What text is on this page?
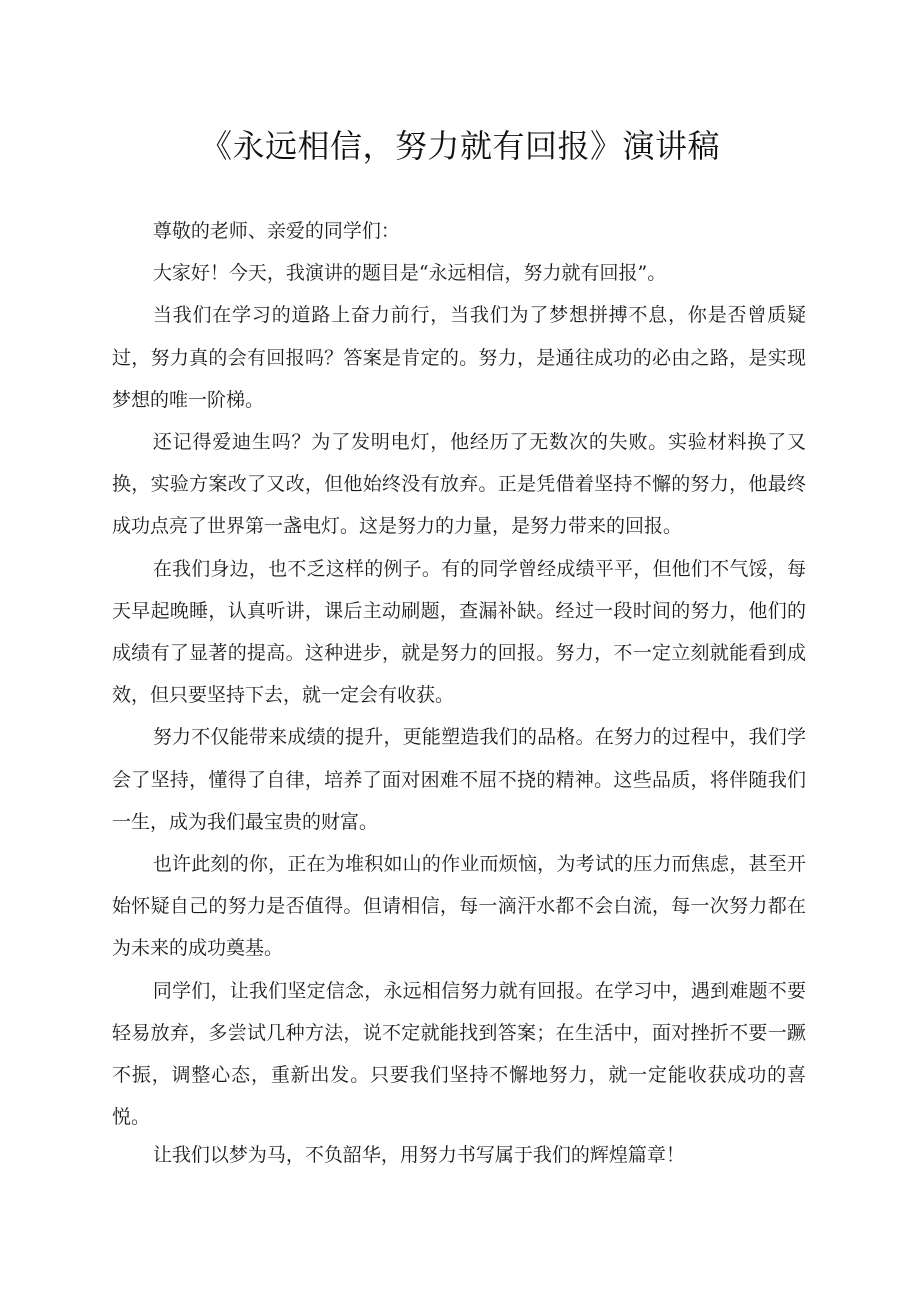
《永远相信，努力就有回报》演讲稿

尊敬的老师、亲爱的同学们：

大家好！今天，我演讲的题目是“永远相信，努力就有回报”。

当我们在学习的道路上奋力前行，当我们为了梦想拼搏不息，你是否曾质疑过，努力真的会有回报吗？答案是肯定的。努力，是通往成功的必由之路，是实现梦想的唯一阶梯。

还记得爱迪生吗？为了发明电灯，他经历了无数次的失败。实验材料换了又换，实验方案改了又改，但他始终没有放弃。正是凭借着坚持不懈的努力，他最终成功点亮了世界第一盏电灯。这是努力的力量，是努力带来的回报。

在我们身边，也不乏这样的例子。有的同学曾经成绩平平，但他们不气馁，每天早起晚睡，认真听讲，课后主动刷题，查漏补缺。经过一段时间的努力，他们的成绩有了显著的提高。这种进步，就是努力的回报。努力，不一定立刻就能看到成效，但只要坚持下去，就一定会有收获。

努力不仅能带来成绩的提升，更能塑造我们的品格。在努力的过程中，我们学会了坚持，懂得了自律，培养了面对困难不屈不挠的精神。这些品质，将伴随我们一生，成为我们最宝贵的财富。

也许此刻的你，正在为堆积如山的作业而烦恼，为考试的压力而焦虑，甚至开始怀疑自己的努力是否值得。但请相信，每一滴汗水都不会白流，每一次努力都在为未来的成功奠基。

同学们，让我们坚定信念，永远相信努力就有回报。在学习中，遇到难题不要轻易放弃，多尝试几种方法，说不定就能找到答案；在生活中，面对挫折不要一蹶不振，调整心态，重新出发。只要我们坚持不懈地努力，就一定能收获成功的喜悦。

让我们以梦为马，不负韶华，用努力书写属于我们的辉煌篇章！
